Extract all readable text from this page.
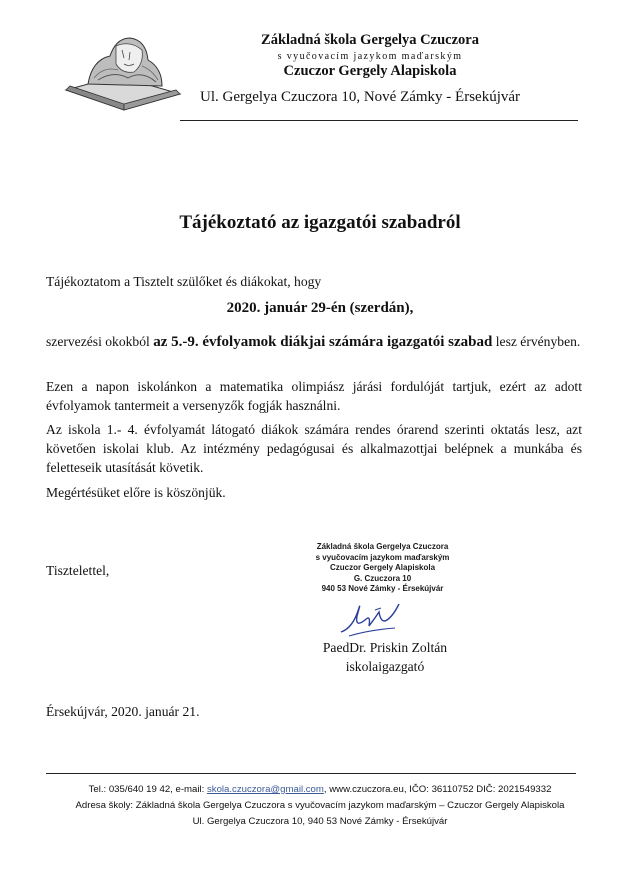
Základná škola Gergelya Czuczora
s vyučovacím jazykom maďarským
Czuczor Gergely Alapiskola
Ul. Gergelya Czuczora 10, Nové Zámky - Érsekújvár
Tájékoztató az igazgatói szabadról
Tájékoztatom a Tisztelt szülőket és diákokat, hogy
2020. január 29-én (szerdán),
szervezési okokból az 5.-9. évfolyamok diákjai számára igazgatói szabad lesz érvényben.
Ezen a napon iskolánkon a matematika olimpiász járási fordulóját tartjuk, ezért az adott évfolyamok tantermeit a versenyzők fogják használni.
Az iskola 1.- 4. évfolyamát látogató diákok számára rendes órarend szerinti oktatás lesz, azt követően iskolai klub. Az intézmény pedagógusai és alkalmazottjai belépnek a munkába és feletteseik utasítását követik.
Megértésüket előre is köszönjük.
Tisztelettel,
Základná škola Gergelya Czuczora
s vyučovacím jazykom maďarským
Czuczor Gergely Alapiskola
G. Czuczora 10
940 53 Nové Zámky - Érsekújvár
PaedDr. Priskin Zoltán
iskolaigazgató
Érsekújvár, 2020. január 21.
Tel.: 035/640 19 42, e-mail: skola.czuczora@gmail.com, www.czuczora.eu, IČO: 36110752 DIČ: 2021549332
Adresa školy: Základná škola Gergelya Czuczora s vyučovacím jazykom maďarským – Czuczor Gergely Alapiskola
Ul. Gergelya Czuczora 10, 940 53 Nové Zámky - Érsekújvár
